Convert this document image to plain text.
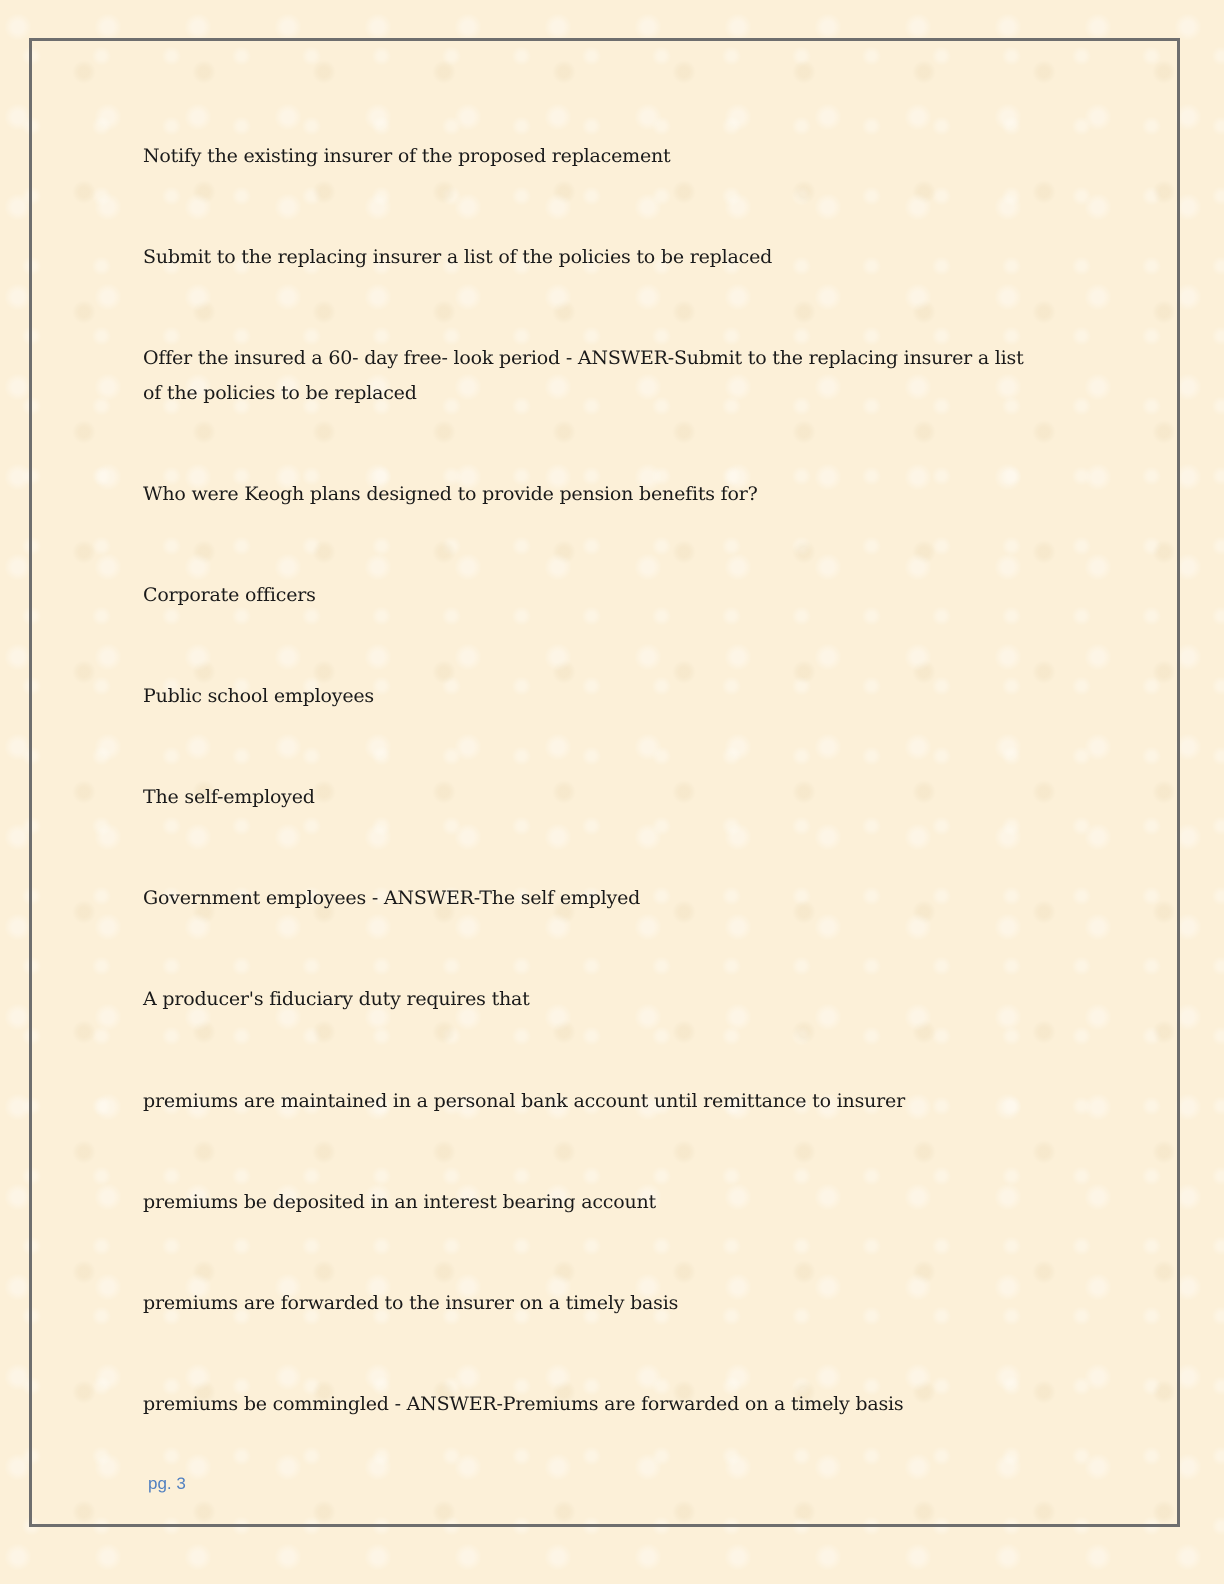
Notify the existing insurer of the proposed replacement

Submit to the replacing insurer a list of the policies to be replaced

Offer the insured a 60- day free- look period - ANSWER-Submit to the replacing insurer a list of the policies to be replaced

Who were Keogh plans designed to provide pension benefits for?

Corporate officers

Public school employees

The self-employed

Government employees - ANSWER-The self emplyed

A producer's fiduciary duty requires that

premiums are maintained in a personal bank account until remittance to insurer

premiums be deposited in an interest bearing account

premiums are forwarded to the insurer on a timely basis

premiums be commingled - ANSWER-Premiums are forwarded on a timely basis

pg. 3
